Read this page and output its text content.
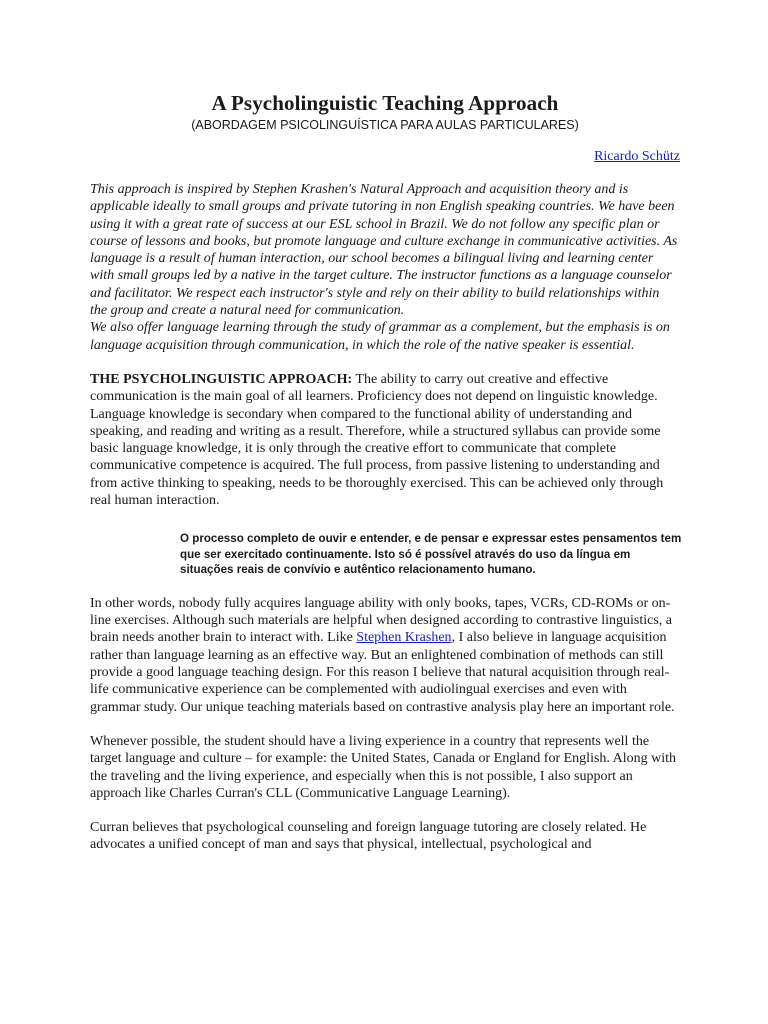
A Psycholinguistic Teaching Approach
(ABORDAGEM PSICOLINGUÍSTICA PARA AULAS PARTICULARES)
Ricardo Schütz

This approach is inspired by Stephen Krashen's Natural Approach and acquisition theory and is applicable ideally to small groups and private tutoring in non English speaking countries. We have been using it with a great rate of success at our ESL school in Brazil. We do not follow any specific plan or course of lessons and books, but promote language and culture exchange in communicative activities. As language is a result of human interaction, our school becomes a bilingual living and learning center with small groups led by a native in the target culture. The instructor functions as a language counselor and facilitator. We respect each instructor's style and rely on their ability to build relationships within the group and create a natural need for communication.

We also offer language learning through the study of grammar as a complement, but the emphasis is on language acquisition through communication, in which the role of the native speaker is essential.

THE PSYCHOLINGUISTIC APPROACH: The ability to carry out creative and effective communication is the main goal of all learners. Proficiency does not depend on linguistic knowledge. Language knowledge is secondary when compared to the functional ability of understanding and speaking, and reading and writing as a result. Therefore, while a structured syllabus can provide some basic language knowledge, it is only through the creative effort to communicate that complete communicative competence is acquired. The full process, from passive listening to understanding and from active thinking to speaking, needs to be thoroughly exercised. This can be achieved only through real human interaction.

O processo completo de ouvir e entender, e de pensar e expressar estes pensamentos tem que ser exercitado continuamente. Isto só é possível através do uso da língua em situações reais de convívio e autêntico relacionamento humano.

In other words, nobody fully acquires language ability with only books, tapes, VCRs, CD-ROMs or on-line exercises. Although such materials are helpful when designed according to contrastive linguistics, a brain needs another brain to interact with. Like Stephen Krashen, I also believe in language acquisition rather than language learning as an effective way. But an enlightened combination of methods can still provide a good language teaching design. For this reason I believe that natural acquisition through real-life communicative experience can be complemented with audiolingual exercises and even with grammar study. Our unique teaching materials based on contrastive analysis play here an important role.

Whenever possible, the student should have a living experience in a country that represents well the target language and culture – for example: the United States, Canada or England for English. Along with the traveling and the living experience, and especially when this is not possible, I also support an approach like Charles Curran's CLL (Communicative Language Learning).

Curran believes that psychological counseling and foreign language tutoring are closely related. He advocates a unified concept of man and says that physical, intellectual, psychological and
